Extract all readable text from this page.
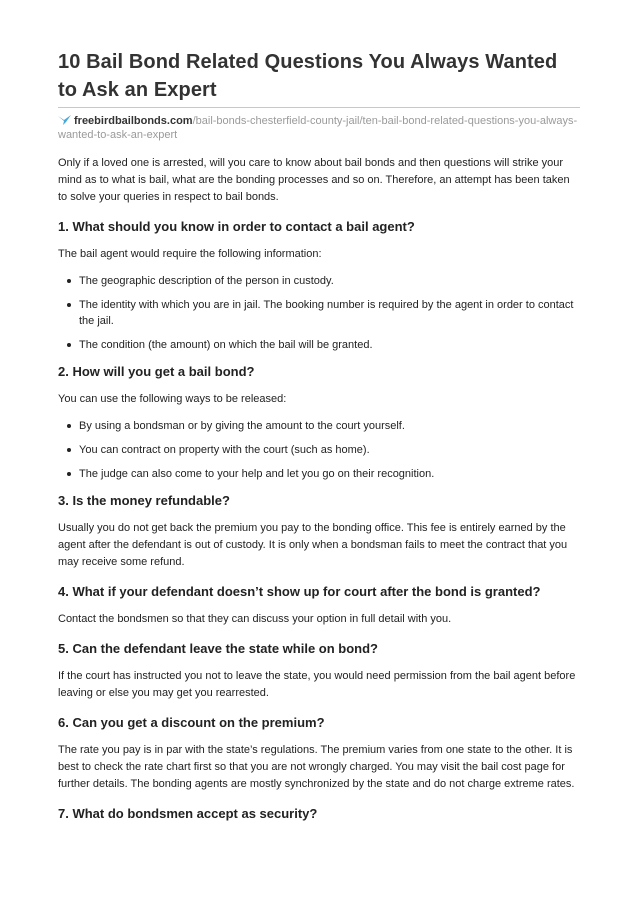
10 Bail Bond Related Questions You Always Wanted to Ask an Expert
freebirdbailbonds.com/bail-bonds-chesterfield-county-jail/ten-bail-bond-related-questions-you-always-wanted-to-ask-an-expert

Only if a loved one is arrested, will you care to know about bail bonds and then questions will strike your mind as to what is bail, what are the bonding processes and so on. Therefore, an attempt has been taken to solve your queries in respect to bail bonds.

1. What should you know in order to contact a bail agent?

The bail agent would require the following information:

The geographic description of the person in custody.
The identity with which you are in jail. The booking number is required by the agent in order to contact the jail.
The condition (the amount) on which the bail will be granted.
2. How will you get a bail bond?

You can use the following ways to be released:

By using a bondsman or by giving the amount to the court yourself.
You can contract on property with the court (such as home).
The judge can also come to your help and let you go on their recognition.
3. Is the money refundable?

Usually you do not get back the premium you pay to the bonding office. This fee is entirely earned by the agent after the defendant is out of custody. It is only when a bondsman fails to meet the contract that you may receive some refund.

4. What if your defendant doesn’t show up for court after the bond is granted?

Contact the bondsmen so that they can discuss your option in full detail with you.

5. Can the defendant leave the state while on bond?

If the court has instructed you not to leave the state, you would need permission from the bail agent before leaving or else you may get you rearrested.

6. Can you get a discount on the premium?

The rate you pay is in par with the state’s regulations. The premium varies from one state to the other. It is best to check the rate chart first so that you are not wrongly charged. You may visit the bail cost page for further details. The bonding agents are mostly synchronized by the state and do not charge extreme rates.

7. What do bondsmen accept as security?
